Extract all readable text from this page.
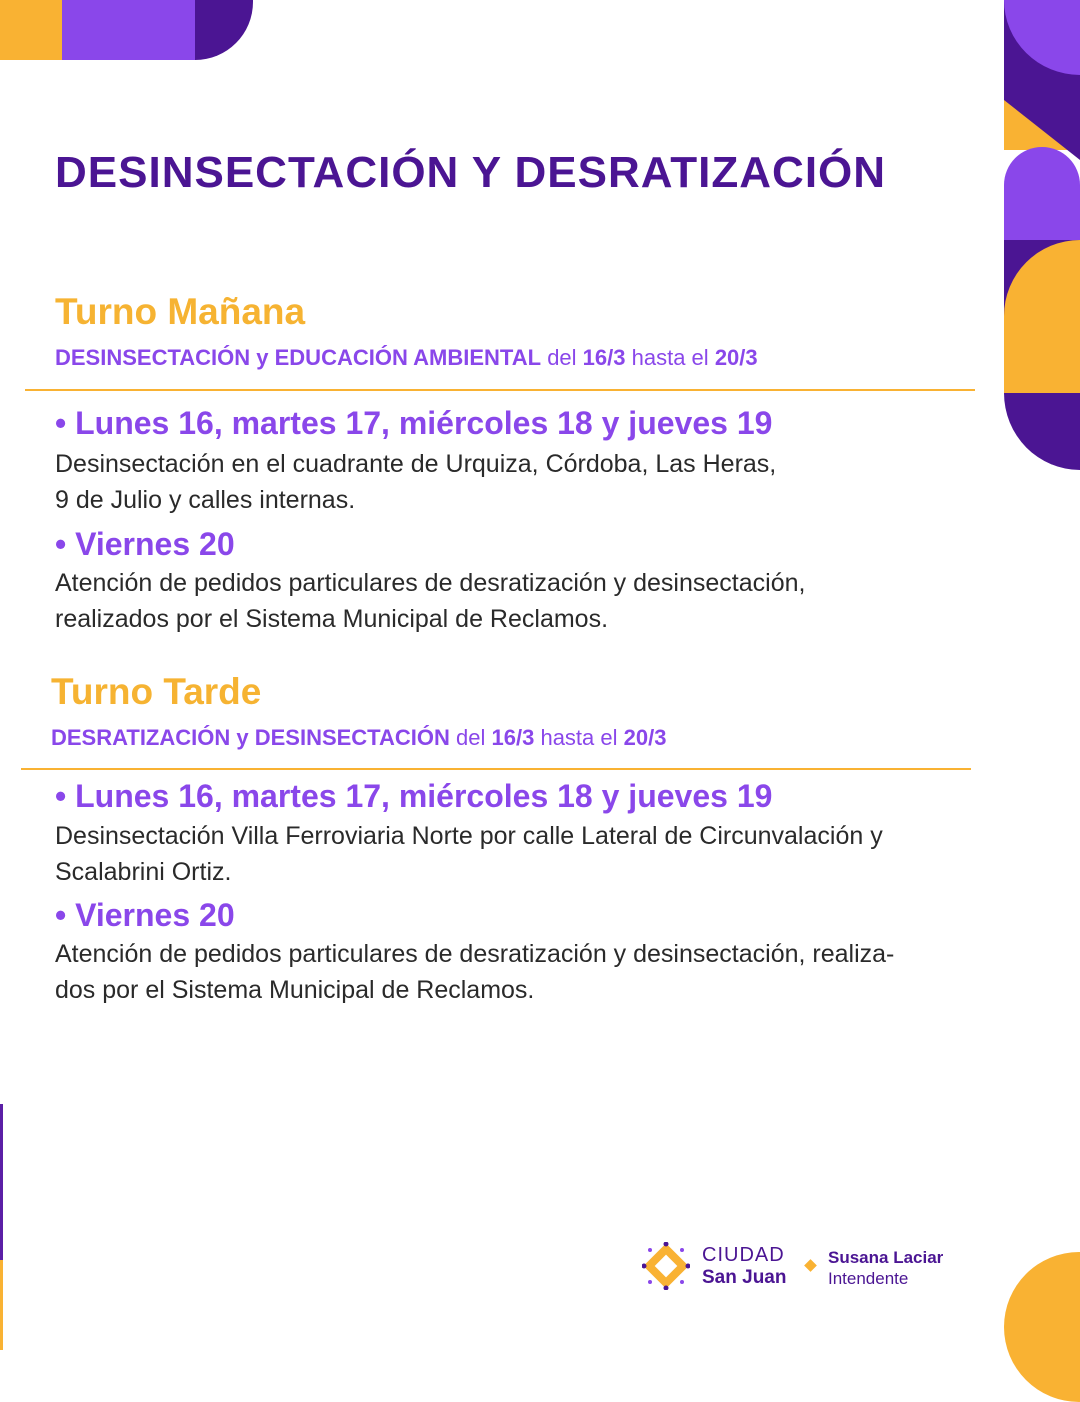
DESINSECTACIÓN Y DESRATIZACIÓN
Turno Mañana
DESINSECTACIÓN y EDUCACIÓN AMBIENTAL del 16/3 hasta el 20/3
• Lunes 16, martes 17, miércoles 18 y jueves 19
Desinsectación en el cuadrante de Urquiza, Córdoba, Las Heras,
9 de Julio y calles internas.
• Viernes 20
Atención de pedidos particulares de desratización y desinsectación,
realizados por el Sistema Municipal de Reclamos.
Turno Tarde
DESRATIZACIÓN y DESINSECTACIÓN del 16/3 hasta el 20/3
• Lunes 16, martes 17, miércoles 18 y jueves 19
Desinsectación Villa Ferroviaria Norte por calle Lateral de Circunvalación y
Scalabrini Ortiz.
• Viernes 20
Atención de pedidos particulares de desratización y desinsectación, realiza-
dos por el Sistema Municipal de Reclamos.
CIUDAD
San Juan
Susana Laciar
Intendente
